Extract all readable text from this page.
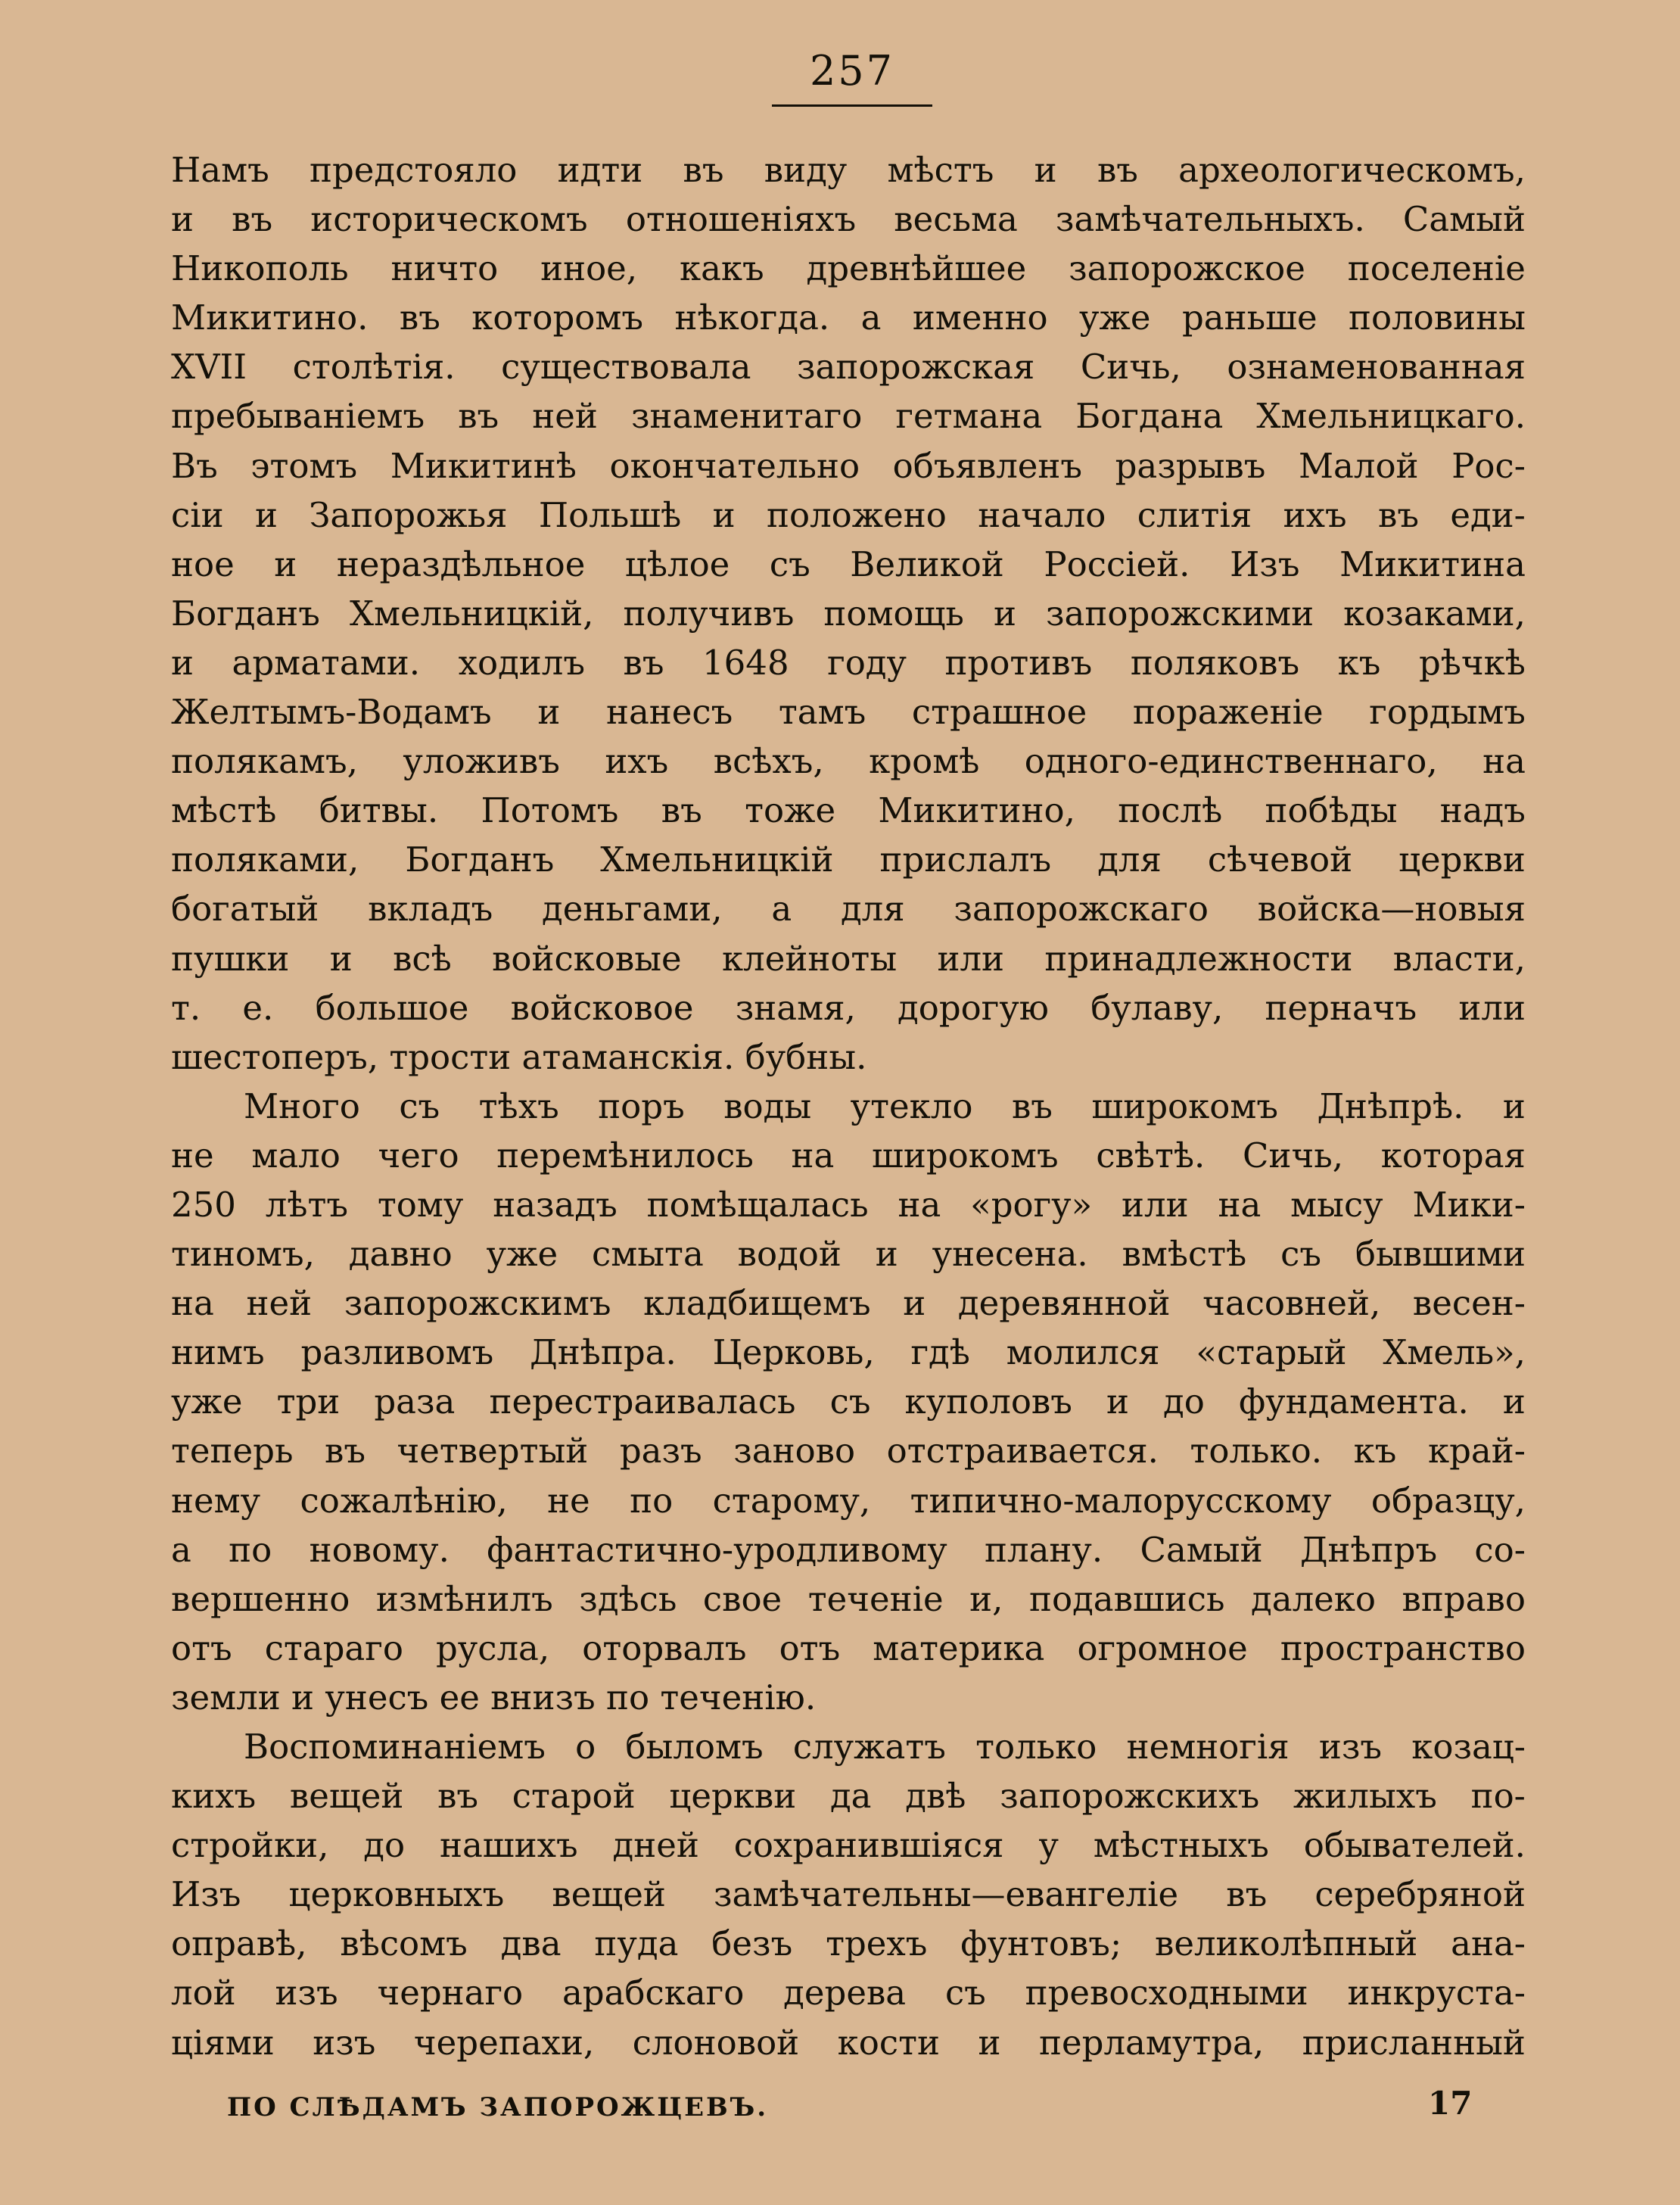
257
Намъ предстояло идти въ виду мѣстъ и въ археологическомъ,
и въ историческомъ отношеніяхъ весьма замѣчательныхъ. Самый
Никополь ничто иное, какъ древнѣйшее запорожское поселеніе
Микитино. въ которомъ нѣкогда. а именно уже раньше половины
XVII столѣтія. существовала запорожская Сичь, ознаменованная
пребываніемъ въ ней знаменитаго гетмана Богдана Хмельницкаго.
Въ этомъ Микитинѣ окончательно объявленъ разрывъ Малой Рос-
сіи и Запорожья Польшѣ и положено начало слитія ихъ въ еди-
ное и нераздѣльное цѣлое съ Великой Россіей. Изъ Микитина
Богданъ Хмельницкій, получивъ помощь и запорожскими козаками,
и арматами. ходилъ въ 1648 году противъ поляковъ къ рѣчкѣ
Желтымъ-Водамъ и нанесъ тамъ страшное пораженіе гордымъ
полякамъ, уложивъ ихъ всѣхъ, кромѣ одного-единственнаго, на
мѣстѣ битвы. Потомъ въ тоже Микитино, послѣ побѣды надъ
поляками, Богданъ Хмельницкій прислалъ для сѣчевой церкви
богатый вкладъ деньгами, а для запорожскаго войска—новыя
пушки и всѣ войсковые клейноты или принадлежности власти,
т. е. большое войсковое знамя, дорогую булаву, перначъ или
шестоперъ, трости атаманскія. бубны.
Много съ тѣхъ поръ воды утекло въ широкомъ Днѣпрѣ. и
не мало чего перемѣнилось на широкомъ свѣтѣ. Сичь, которая
250 лѣтъ тому назадъ помѣщалась на «рогу» или на мысу Мики-
тиномъ, давно уже смыта водой и унесена. вмѣстѣ съ бывшими
на ней запорожскимъ кладбищемъ и деревянной часовней, весен-
нимъ разливомъ Днѣпра. Церковь, гдѣ молился «старый Хмель»,
уже три раза перестраивалась съ куполовъ и до фундамента. и
теперь въ четвертый разъ заново отстраивается. только. къ край-
нему сожалѣнію, не по старому, типично-малорусскому образцу,
а по новому. фантастично-уродливому плану. Самый Днѣпръ со-
вершенно измѣнилъ здѣсь свое теченіе и, подавшись далеко вправо
отъ стараго русла, оторвалъ отъ материка огромное пространство
земли и унесъ ее внизъ по теченію.
Воспоминаніемъ о быломъ служатъ только немногія изъ козац-
кихъ вещей въ старой церкви да двѣ запорожскихъ жилыхъ по-
стройки, до нашихъ дней сохранившіяся у мѣстныхъ обывателей.
Изъ церковныхъ вещей замѣчательны—евангеліе въ серебряной
оправѣ, вѣсомъ два пуда безъ трехъ фунтовъ; великолѣпный ана-
лой изъ чернаго арабскаго дерева съ превосходными инкруста-
ціями изъ черепахи, слоновой кости и перламутра, присланный
ПО СЛѢДАМЪ ЗАПОРОЖЦЕВЪ.	17
